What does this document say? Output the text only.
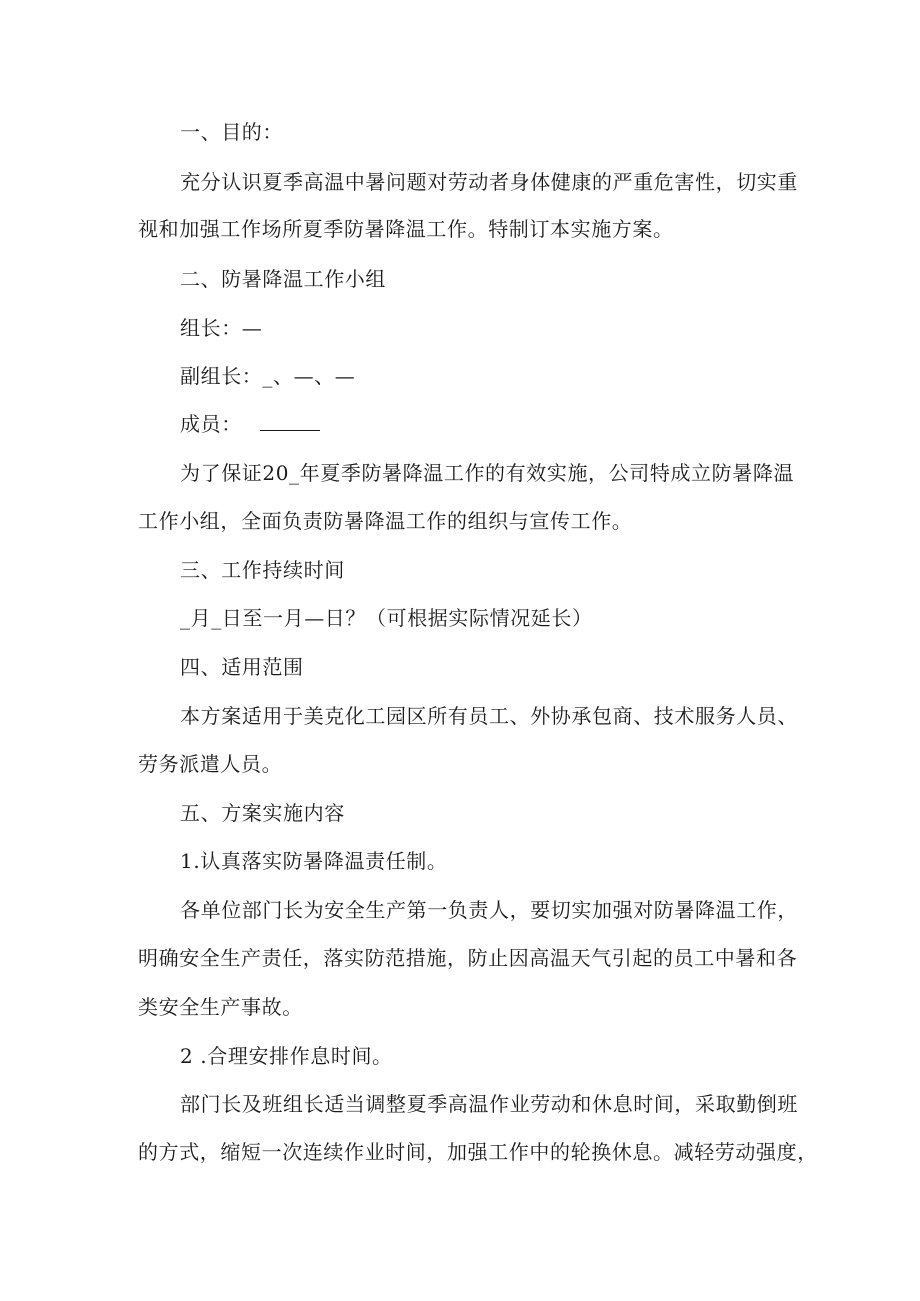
一、目的：
充分认识夏季高温中暑问题对劳动者身体健康的严重危害性，切实重
视和加强工作场所夏季防暑降温工作。特制订本实施方案。
二、防暑降温工作小组
组长：—
副组长：_、—、—
成员：
为了保证20_年夏季防暑降温工作的有效实施，公司特成立防暑降温
工作小组，全面负责防暑降温工作的组织与宣传工作。
三、工作持续时间
_月_日至一月—日？（可根据实际情况延长）
四、适用范围
本方案适用于美克化工园区所有员工、外协承包商、技术服务人员、
劳务派遣人员。
五、方案实施内容
1.认真落实防暑降温责任制。
各单位部门长为安全生产第一负责人，要切实加强对防暑降温工作，
明确安全生产责任，落实防范措施，防止因高温天气引起的员工中暑和各
类安全生产事故。
2 .合理安排作息时间。
部门长及班组长适当调整夏季高温作业劳动和休息时间，采取勤倒班
的方式，缩短一次连续作业时间，加强工作中的轮换休息。减轻劳动强度，
